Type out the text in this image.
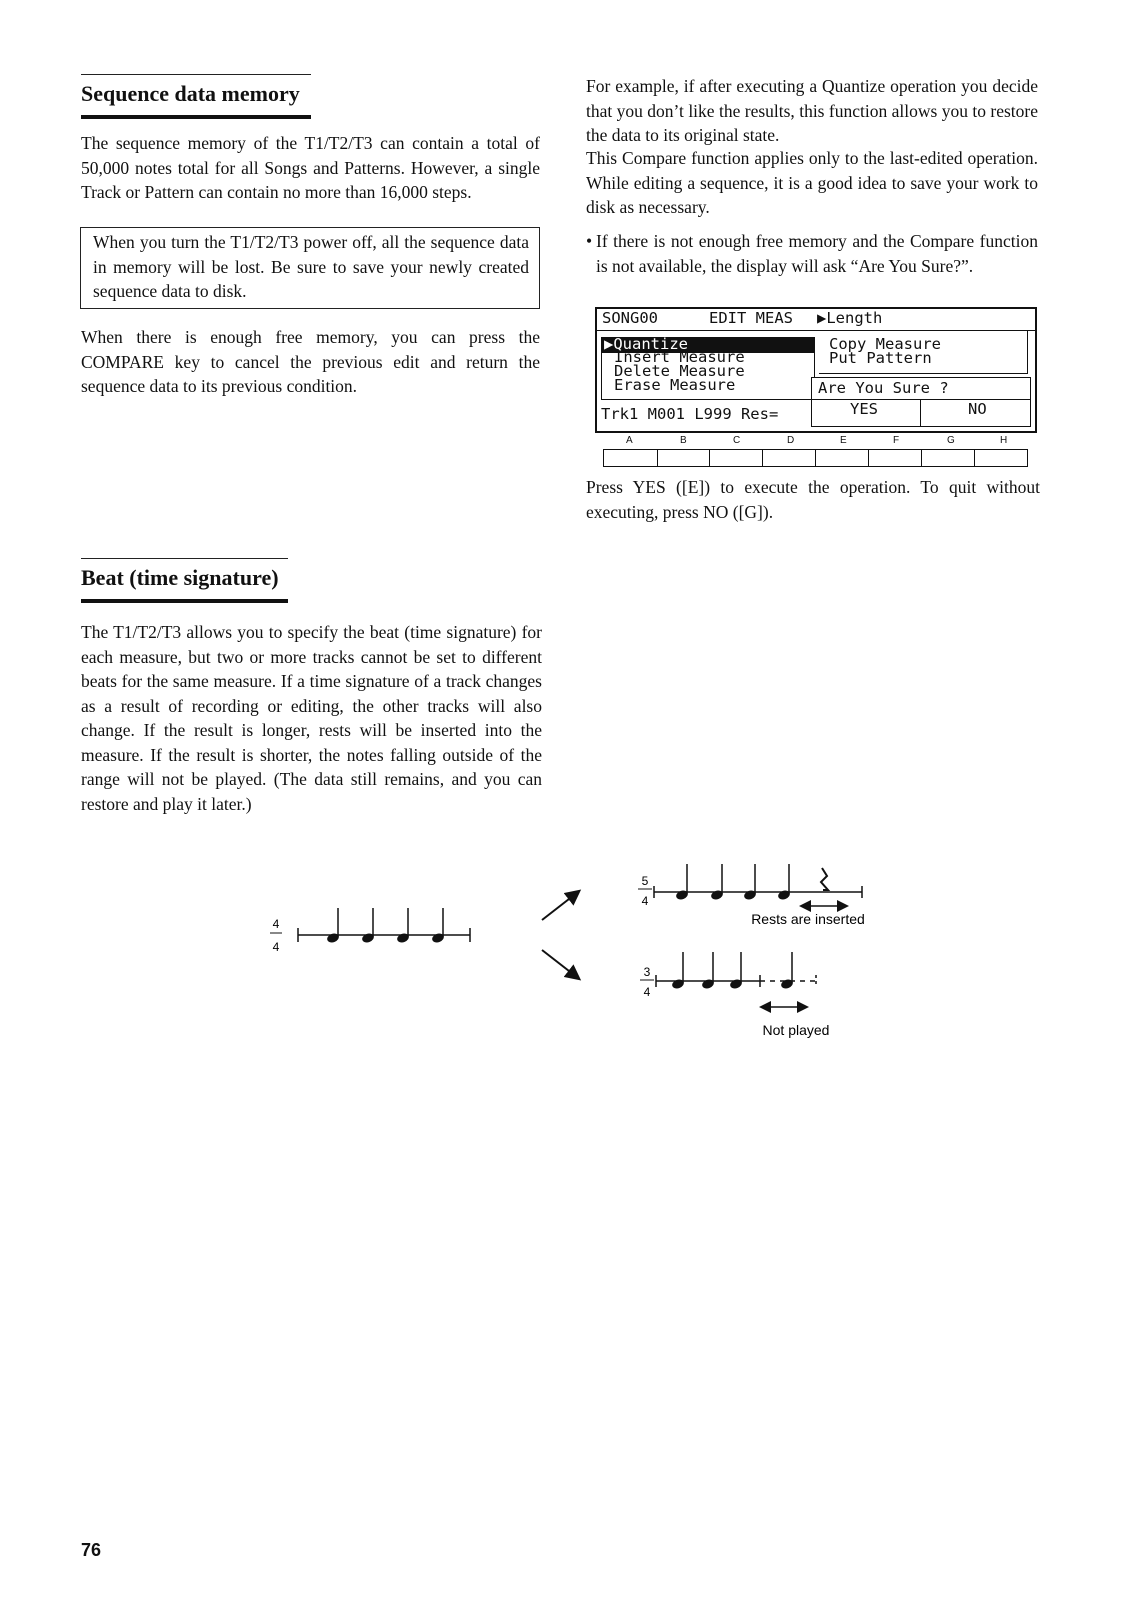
Sequence data memory

The sequence memory of the T1/T2/T3 can contain a total of 50,000 notes total for all Songs and Patterns. However, a single Track or Pattern can contain no more than 16,000 steps.

When you turn the T1/T2/T3 power off, all the sequence data in memory will be lost. Be sure to save your newly created sequence data to disk.

When there is enough free memory, you can press the COMPARE key to cancel the previous edit and return the sequence data to its previous condition.

Beat (time signature)

The T1/T2/T3 allows you to specify the beat (time signature) for each measure, but two or more tracks cannot be set to different beats for the same measure. If a time signature of a track changes as a result of recording or editing, the other tracks will also change. If the result is longer, rests will be inserted into the measure. If the result is shorter, the notes falling outside of the range will not be played. (The data still remains, and you can restore and play it later.)

For example, if after executing a Quantize operation you decide that you don’t like the results, this function allows you to restore the data to its original state.

This Compare function applies only to the last-edited operation. While editing a sequence, it is a good idea to save your work to disk as necessary.

• If there is not enough free memory and the Compare function is not available, the display will ask “Are You Sure?”.

SONG00	EDIT MEAS ▶Length
▶Quantize
Insert Measure
Delete Measure
Erase Measure
Copy Measure
Put Pattern
Trk1 M001 L999 Res=
Are You Sure ?
YES	NO
A	B	C	D	E	F	G	H

Press YES ([E]) to execute the operation. To quit without executing, press NO ([G]).

4
4
5
4
Rests are inserted
3
4
Not played
76
